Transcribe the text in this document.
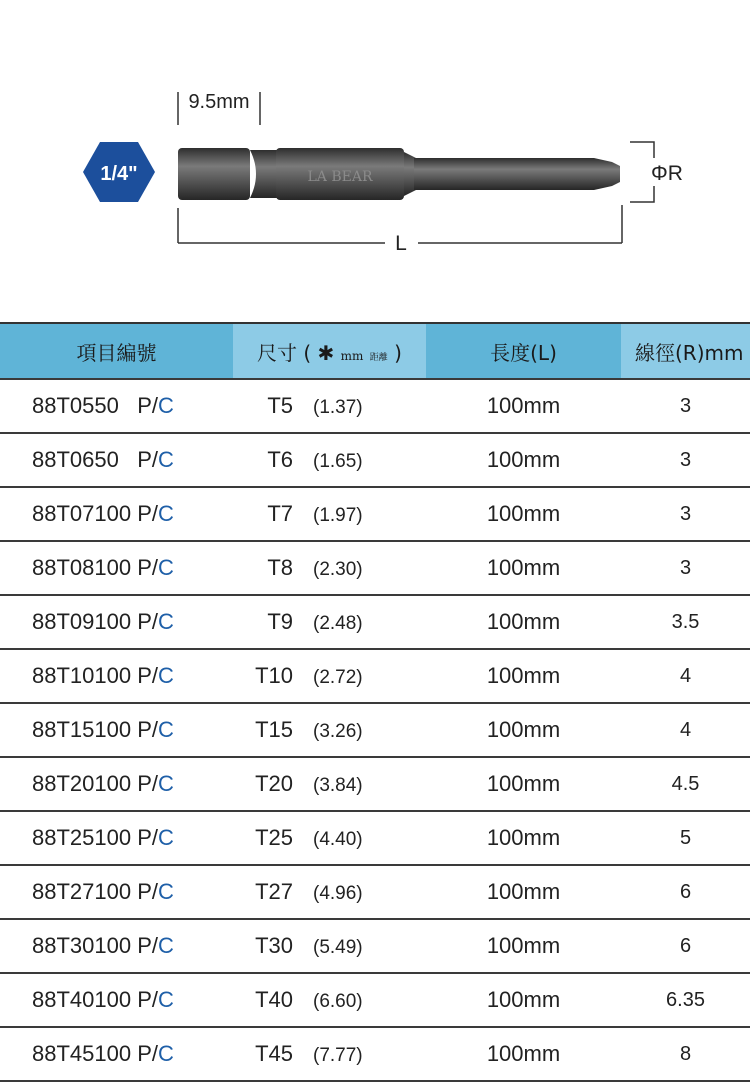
1/4"
9.5mm
LA BEAR	ΦR
L
項目編號	尺寸 ( ✱ mm 距離 )	長度(L)	線徑(R)mm
88T0550   P/C	T5 (1.37)	100mm	3
88T0650   P/C	T6 (1.65)	100mm	3
88T07100 P/C	T7 (1.97)	100mm	3
88T08100 P/C	T8 (2.30)	100mm	3
88T09100 P/C	T9 (2.48)	100mm	3.5
88T10100 P/C	T10 (2.72)	100mm	4
88T15100 P/C	T15 (3.26)	100mm	4
88T20100 P/C	T20 (3.84)	100mm	4.5
88T25100 P/C	T25 (4.40)	100mm	5
88T27100 P/C	T27 (4.96)	100mm	6
88T30100 P/C	T30 (5.49)	100mm	6
88T40100 P/C	T40 (6.60)	100mm	6.35
88T45100 P/C	T45 (7.77)	100mm	8
